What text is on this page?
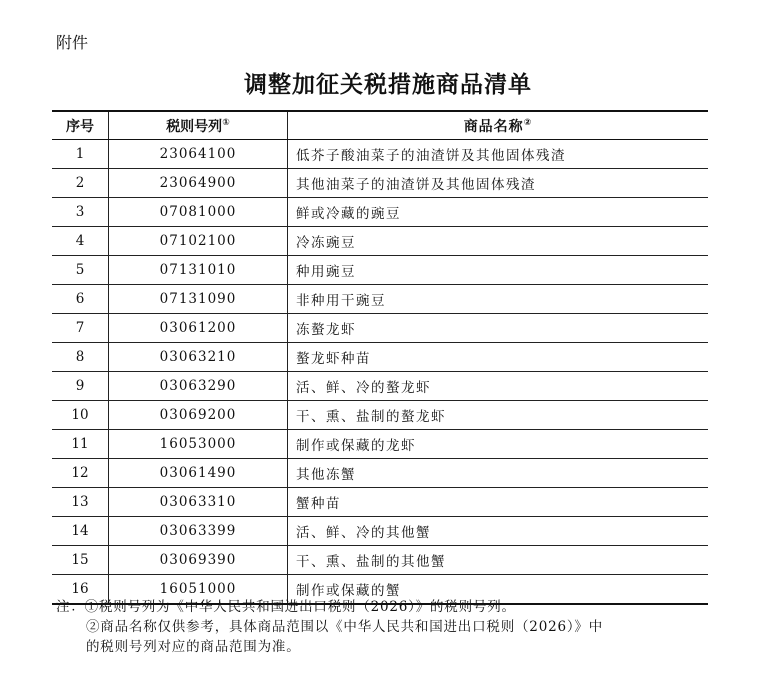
附件
调整加征关税措施商品清单
序号	税则号列①	商品名称②
1	23064100	低芥子酸油菜子的油渣饼及其他固体残渣
2	23064900	其他油菜子的油渣饼及其他固体残渣
3	07081000	鲜或冷藏的豌豆
4	07102100	冷冻豌豆
5	07131010	种用豌豆
6	07131090	非种用干豌豆
7	03061200	冻螯龙虾
8	03063210	螯龙虾种苗
9	03063290	活、鲜、冷的螯龙虾
10	03069200	干、熏、盐制的螯龙虾
11	16053000	制作或保藏的龙虾
12	03061490	其他冻蟹
13	03063310	蟹种苗
14	03063399	活、鲜、冷的其他蟹
15	03069390	干、熏、盐制的其他蟹
16	16051000	制作或保藏的蟹
注：①税则号列为《中华人民共和国进出口税则（2026）》的税则号列。
②商品名称仅供参考，具体商品范围以《中华人民共和国进出口税则（2026）》中
的税则号列对应的商品范围为准。
